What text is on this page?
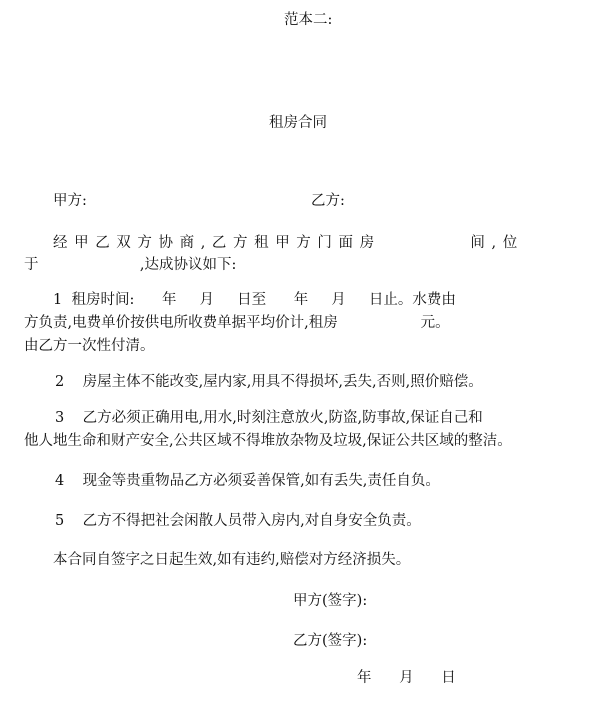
范本二:

租房合同

甲方:	乙方:

经甲乙双方协商,乙方租甲方门面房        间,位

于                      ,达成协议如下:

1  租房时间:      年     月     日至      年     月     日止。水费由

方负责,电费单价按供电所收费单据平均价计,租房                  元。

由乙方一次性付清。

2    房屋主体不能改变,屋内家,用具不得损坏,丢失,否则,照价赔偿。

3    乙方必须正确用电,用水,时刻注意放火,防盗,防事故,保证自己和

他人地生命和财产安全,公共区域不得堆放杂物及垃圾,保证公共区域的整洁。

4    现金等贵重物品乙方必须妥善保管,如有丢失,责任自负。

5    乙方不得把社会闲散人员带入房内,对自身安全负责。

本合同自签字之日起生效,如有违约,赔偿对方经济损失。

甲方(签字):

乙方(签字):

年      月      日
